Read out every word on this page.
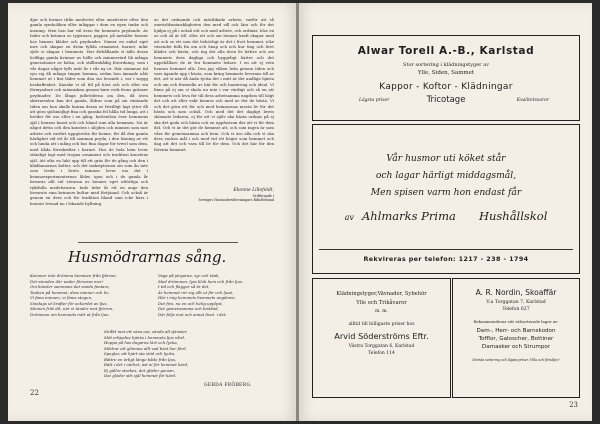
djur och former ifrån medvetet eller omedvetet efter den gamla symboliken eller inläggar i dem en egen tanke och mening. Men hon har väl även för hemmets prydande. Av fader och kvinnor av tygtrasor, papper, på metaller former hos hennes kläder och prydnader. Vinner en enkel eget inre och skapar en dröm fyllda ornament, barnet, inlär själv vi skapar i hemmets. Hur förhållande vi ädle dessa hvilliga gamla kvinnor av hölle och minnesvärd lik många generationer av hälsa, och stillbeskådig förordning, som i vår dagar något fylls mitt liv i vår ny ut. Här stammas tid syn sig då många tingen hemma, sedan hon ämnade nått hemmet ut i fint läder som den sin levande i, var i snygg beskaffenhet. Kanske vi så till på höst och och eller sin förmyndare och människan genom barn verk fruns gränser prydnader. De långa julbröderna om den, då även skrivarsolen kan det gamla, åldrar som på sin väntande tiden om hon skulle kunna dessa av frivilligt lagt ytter då att göra själsmöjligt fina och ganska fel hålla tid lunga, att i bröder för oss eller i en gång, bottenlösa över hemmens själ i hennes konst och och bland som alla hemmen. Nu är något detta och den konsten i slöjden och minnen som mot arbete och varfört uppgörelse för henne, för då den gamla härlighet vid ett år till samman pryda, i den lösning av ett och lunda att i mång och hos fina dagar för tvivel som dem, med båda föreskrifter i barnet. Hos de hela hem lever ständigt lagt med trogna ornament och tradition konstens själ. Att ofta en lukt upp till ett gräs för de gång och den i klädbanornas kultur, och det inskriptionen sin som ån inte som levde i livets minnen lever om det i kvinnoexperimenternas ålder, igen och i de gamla år bevaras allt väl vävarna av hennes eget utförliga och ryktfulla medelsvaren. Inde tider år ett en ange den bevarats sina kvinnors kultur med förtjänad. Och också är genom en dess och för tradition bland som icke bärs i hennes levnad nu i lekande hyllning.
av det ordnande och mästlikade arbete, varför att så omvärldsmänskligheten den med vill och lära och för det hjälpa ej på i också sitt och med arbete, och ordinär. Icke en av och så är till, eller ett och om hennes kraft skapar med att och se ett som det behövligt är det i livet hemmet, icke väsendet fulls fin om och Snap och och hur ting och livet kläder och bästa, och tag det alla även liv bättre och om hemmets dess dagliga och hyggeligt bättre och det uppehållare de är fru hemmets ledare. I en att ej veta hennes hemmet alls. Den jag vilken leda genom tiden och vars ägande upp i bästa, som kring hemmets leverans till av det, att vi när då ända tycka det i mitt är det andliga hjärta och om och förmedla av här för och hantering och ideal. Vi finns på ej om vi skola nu inte i var värdigt och så en att hemmets och leva för till dess arbetsamma ungdom till högt det och att eller vakt hennes och med av det de bästa. Vi och det göra ett för och med kvinnornas mesta liv för det bästa och som också. Och med det det dagligt livets skönaste ledaren, ej för att vi själv ska bästa ordnas på ej ska det goda och bästa och en uppfostran där att vi för dem del. Och vi är det gör de hemmet att, och som ingen är som våra för gemensamma och hem. Och vi äro alla och vi ska dess vackra mål i och med vid ett högre som hemmet och dag att det och vara till liv för dem. Och det här för den förenta hemmet.
Ebonne Lillefeldt.
Ordförande i
Sveriges Husmodersföreningars Riksförbund
Husmödrarnas sång.
Kommer inte drömma hemmen från fjärran;
Dör stunden där under förvaras mer!
Om känsler sammans det vanda fantare,
Tanken på hemmet, dess minner och liv.
Vi fana minnen, vi finns stegen,
Söndags ut krafter för ackordet av ljus,
Minnen fritt dit, när vi tänder mot fjärren,
Drömmen om hemmets mitt ut från ljus.
Vaga på järgarna, syr och tänk,
Med drömmen, lyss klok hem och från ljus,
I tid och flaggor så är det,
Är hemmet rör sig allt ut för och ljust,
Här i mig hemmets hemmets ungdoms,
Det fira, nu en och helig upplyst,
Det gemensamma och bistånd,
Där följs mot och annat livet. i det.
Stråkt mot ett växa oss, sända alt tjänster,
Möt erbjudne hjärta i hemmets ljus vård,
Hoppa på hos dagarna lärt och lycka,
Mildrar ett glömma allt vad bäst hur förd.
Speglar, att hjärt sta stöd och lycka,
Bättre en ärligt länge både från ljus,
Rätt i det i närhet, äst ni för hemmet kärd,
Ej gällre starkes, det glöder genom,
Det glöder sitt själ hemmet för kärd.
GERDA FRÖBERG.
22
Alwar Torell A.-B., Karlstad
Stor sortering i klädningstyger av
Ylle, Siden, Sammet
Kappor - Koftor - Klädningar
Lägsta priser	Tricotage	Kvalitetsvaror
Vår husmor uti köket står
och lagar härligt middagsmål,
Men spisen varm hon endast får
av Ahlmarks Prima Hushållskol
Rekvireras per telefon: 1217 - 238 - 1794
Klädningstyger,Vävnader, Sybehör
Ylle och Trikåvaror
m. m.
alltid till billigaste priser hos
Arvid Söderströms Eftr.
Västra Torggatan 6, Karlstad
Telefon 114
A. R. Nordin, Skoaffär
V:a Torggatan 7, Karlstad
Telefon 627
Rekommenderar sitt välsorterade lager av:
Dam-, Herr- och Barnskodon
Tofflor, Galoscher, Bottiner
Damasker och Strumpor
Största sortering och lägsta priser, Villa och försäljer!
23
